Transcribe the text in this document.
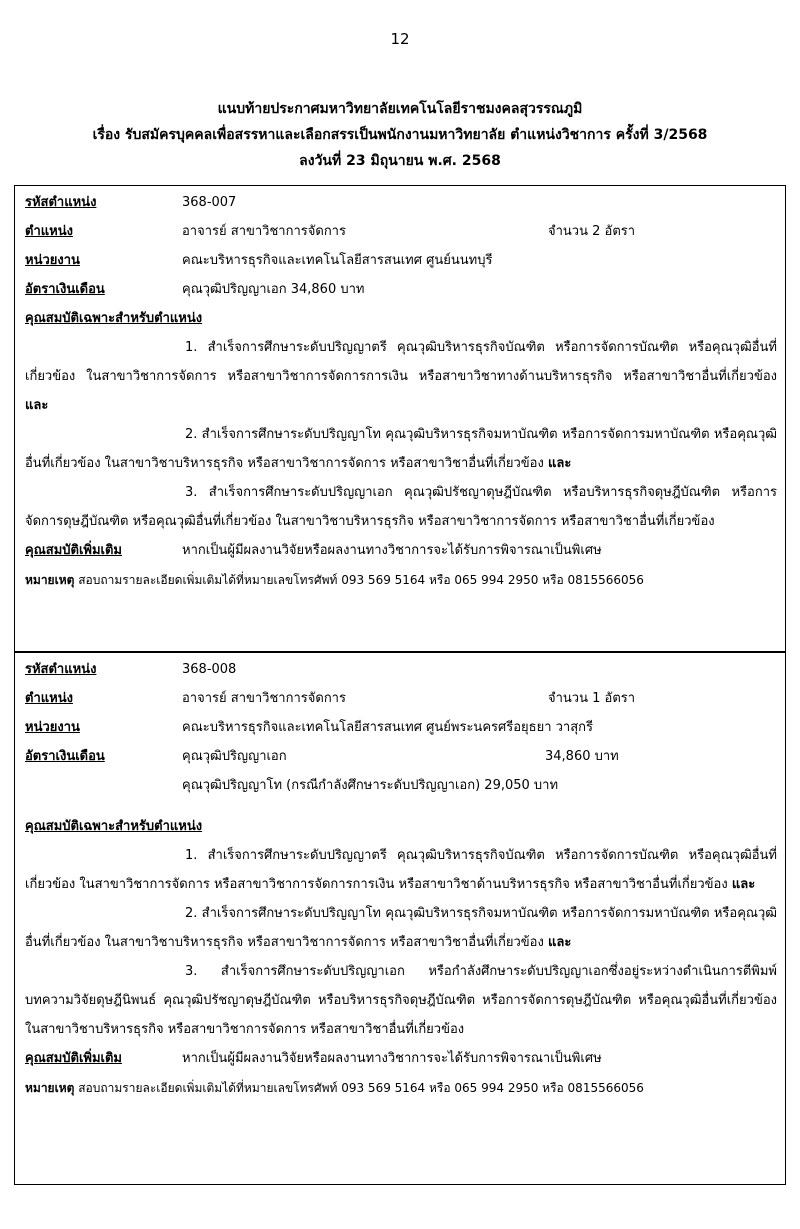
12
แนบท้ายประกาศมหาวิทยาลัยเทคโนโลยีราชมงคลสุวรรณภูมิ
เรื่อง รับสมัครบุคคลเพื่อสรรหาและเลือกสรรเป็นพนักงานมหาวิทยาลัย ตำแหน่งวิชาการ ครั้งที่ 3/2568
ลงวันที่ 23 มิถุนายน พ.ศ. 2568
รหัสตำแหน่ง	368-007
ตำแหน่ง	อาจารย์ สาขาวิชาการจัดการ	จำนวน 2 อัตรา
หน่วยงาน	คณะบริหารธุรกิจและเทคโนโลยีสารสนเทศ ศูนย์นนทบุรี
อัตราเงินเดือน	คุณวุฒิปริญญาเอก 34,860 บาท
คุณสมบัติเฉพาะสำหรับตำแหน่ง
1. สำเร็จการศึกษาระดับปริญญาตรี คุณวุฒิบริหารธุรกิจบัณฑิต หรือการจัดการบัณฑิต หรือคุณวุฒิอื่นที่เกี่ยวข้อง ในสาขาวิชาการจัดการ หรือสาขาวิชาการจัดการการเงิน หรือสาขาวิชาทางด้านบริหารธุรกิจ หรือสาขาวิชาอื่นที่เกี่ยวข้อง และ
2. สำเร็จการศึกษาระดับปริญญาโท คุณวุฒิบริหารธุรกิจมหาบัณฑิต หรือการจัดการมหาบัณฑิต หรือคุณวุฒิอื่นที่เกี่ยวข้อง ในสาขาวิชาบริหารธุรกิจ หรือสาขาวิชาการจัดการ หรือสาขาวิชาอื่นที่เกี่ยวข้อง และ
3. สำเร็จการศึกษาระดับปริญญาเอก คุณวุฒิปรัชญาดุษฎีบัณฑิต หรือบริหารธุรกิจดุษฎีบัณฑิต หรือการจัดการดุษฎีบัณฑิต หรือคุณวุฒิอื่นที่เกี่ยวข้อง ในสาขาวิชาบริหารธุรกิจ หรือสาขาวิชาการจัดการ หรือสาขาวิชาอื่นที่เกี่ยวข้อง
คุณสมบัติเพิ่มเติม	หากเป็นผู้มีผลงานวิจัยหรือผลงานทางวิชาการจะได้รับการพิจารณาเป็นพิเศษ
หมายเหตุ สอบถามรายละเอียดเพิ่มเติมได้ที่หมายเลขโทรศัพท์ 093 569 5164 หรือ 065 994 2950 หรือ 0815566056
รหัสตำแหน่ง	368-008
ตำแหน่ง	อาจารย์ สาขาวิชาการจัดการ	จำนวน 1 อัตรา
หน่วยงาน	คณะบริหารธุรกิจและเทคโนโลยีสารสนเทศ ศูนย์พระนครศรีอยุธยา วาสุกรี
อัตราเงินเดือน	คุณวุฒิปริญญาเอก	34,860 บาท
คุณวุฒิปริญญาโท (กรณีกำลังศึกษาระดับปริญญาเอก) 29,050 บาท
คุณสมบัติเฉพาะสำหรับตำแหน่ง
1. สำเร็จการศึกษาระดับปริญญาตรี คุณวุฒิบริหารธุรกิจบัณฑิต หรือการจัดการบัณฑิต หรือคุณวุฒิอื่นที่เกี่ยวข้อง ในสาขาวิชาการจัดการ หรือสาขาวิชาการจัดการการเงิน หรือสาขาวิชาด้านบริหารธุรกิจ หรือสาขาวิชาอื่นที่เกี่ยวข้อง และ
2. สำเร็จการศึกษาระดับปริญญาโท คุณวุฒิบริหารธุรกิจมหาบัณฑิต หรือการจัดการมหาบัณฑิต หรือคุณวุฒิอื่นที่เกี่ยวข้อง ในสาขาวิชาบริหารธุรกิจ หรือสาขาวิชาการจัดการ หรือสาขาวิชาอื่นที่เกี่ยวข้อง และ
3. สำเร็จการศึกษาระดับปริญญาเอก หรือกำลังศึกษาระดับปริญญาเอกซึ่งอยู่ระหว่างดำเนินการตีพิมพ์บทความวิจัยดุษฎีนิพนธ์ คุณวุฒิปรัชญาดุษฎีบัณฑิต หรือบริหารธุรกิจดุษฎีบัณฑิต หรือการจัดการดุษฎีบัณฑิต หรือคุณวุฒิอื่นที่เกี่ยวข้อง ในสาขาวิชาบริหารธุรกิจ หรือสาขาวิชาการจัดการ หรือสาขาวิชาอื่นที่เกี่ยวข้อง
คุณสมบัติเพิ่มเติม	หากเป็นผู้มีผลงานวิจัยหรือผลงานทางวิชาการจะได้รับการพิจารณาเป็นพิเศษ
หมายเหตุ สอบถามรายละเอียดเพิ่มเติมได้ที่หมายเลขโทรศัพท์ 093 569 5164 หรือ 065 994 2950 หรือ 0815566056
